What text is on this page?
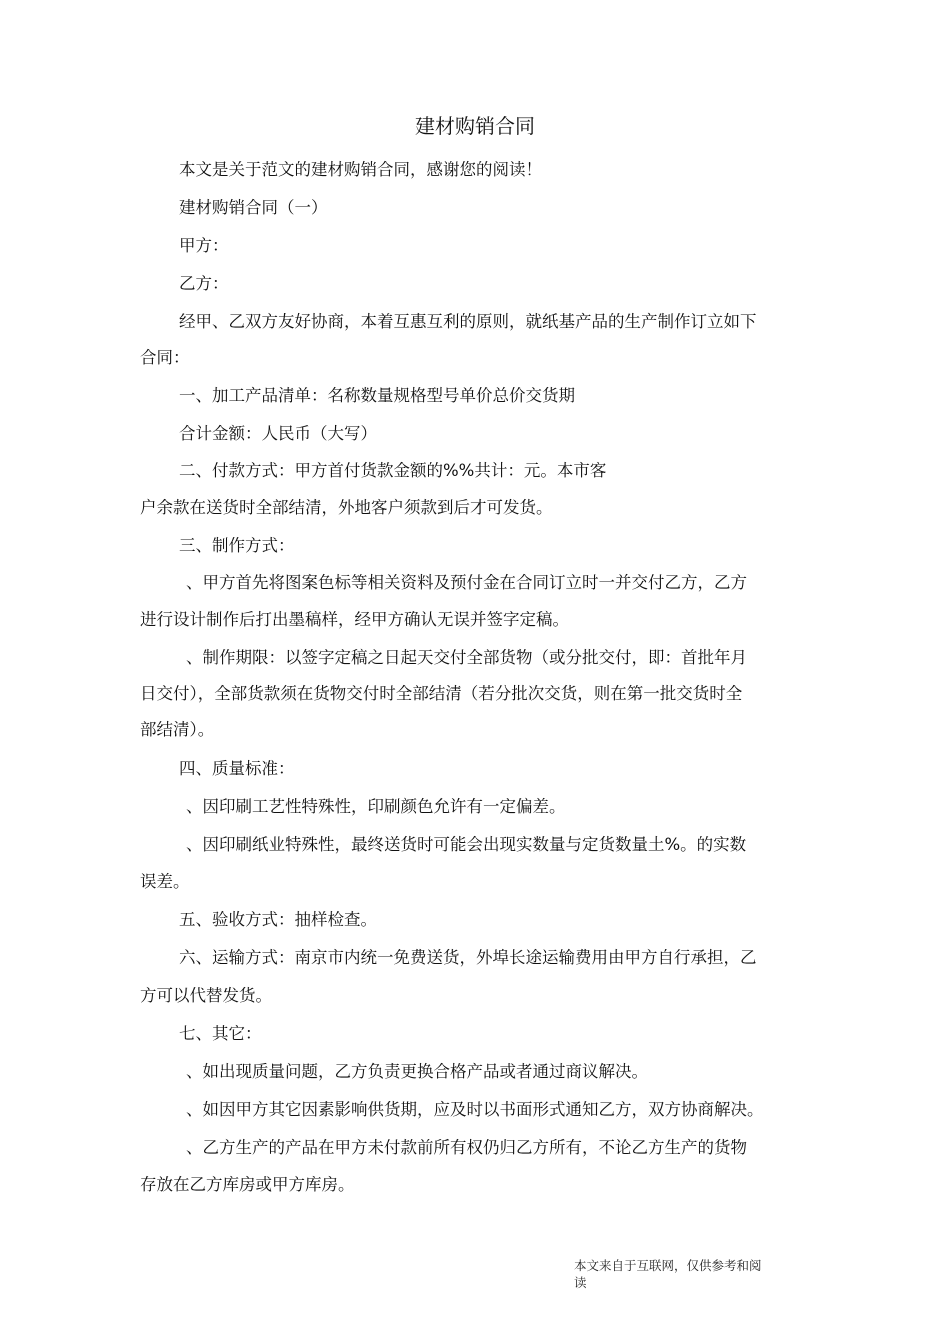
建材购销合同
本文是关于范文的建材购销合同，感谢您的阅读！
建材购销合同（一）
甲方：
乙方：
经甲、乙双方友好协商，本着互惠互利的原则，就纸基产品的生产制作订立如下
合同：
一、加工产品清单：名称数量规格型号单价总价交货期
合计金额：人民币（大写）
二、付款方式：甲方首付货款金额的%%共计：元。本市客
户余款在送货时全部结清，外地客户须款到后才可发货。
三、制作方式：
、甲方首先将图案色标等相关资料及预付金在合同订立时一并交付乙方，乙方
进行设计制作后打出墨稿样，经甲方确认无误并签字定稿。
、制作期限：以签字定稿之日起天交付全部货物（或分批交付，即：首批年月
日交付），全部货款须在货物交付时全部结清（若分批次交货，则在第一批交货时全
部结清）。
四、质量标准：
、因印刷工艺性特殊性，印刷颜色允许有一定偏差。
、因印刷纸业特殊性，最终送货时可能会出现实数量与定货数量土%。的实数
误差。
五、验收方式：抽样检查。
六、运输方式：南京市内统一免费送货，外埠长途运输费用由甲方自行承担，乙
方可以代替发货。
七、其它：
、如出现质量问题，乙方负责更换合格产品或者通过商议解决。
、如因甲方其它因素影响供货期，应及时以书面形式通知乙方，双方协商解决。
、乙方生产的产品在甲方未付款前所有权仍归乙方所有，不论乙方生产的货物
存放在乙方库房或甲方库房。
本文来自于互联网，仅供参考和阅
读
